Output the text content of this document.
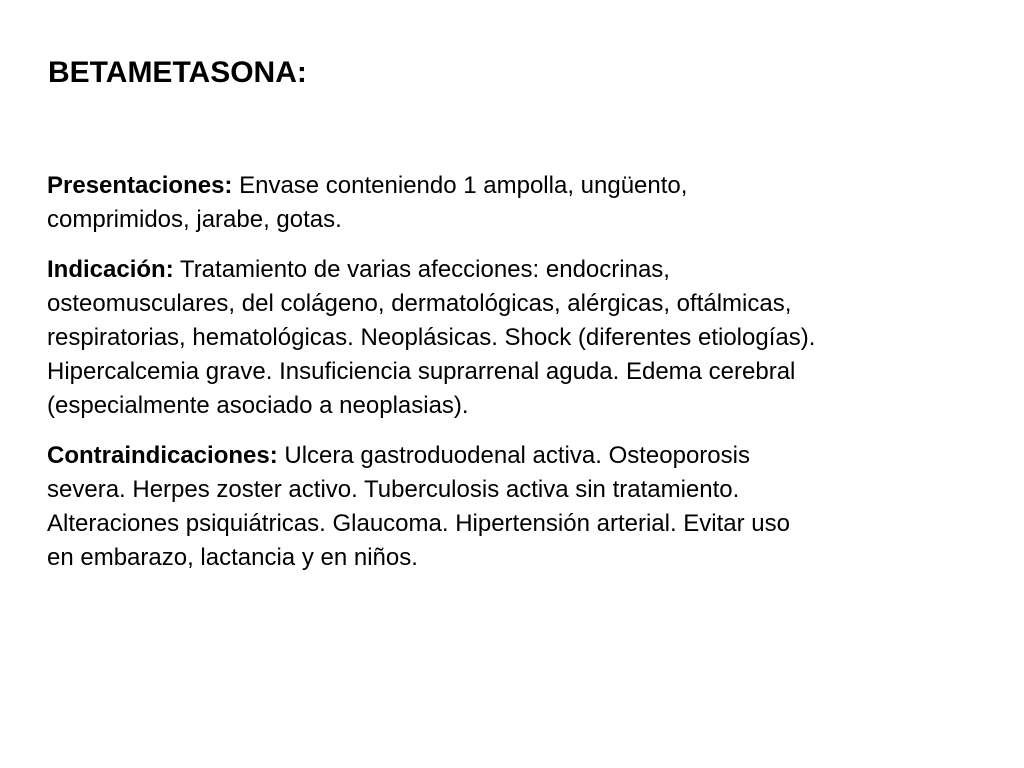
BETAMETASONA:

Presentaciones: Envase conteniendo 1 ampolla, ungüento,
comprimidos, jarabe, gotas.

Indicación: Tratamiento de varias afecciones: endocrinas,
osteomusculares, del colágeno, dermatológicas, alérgicas, oftálmicas,
respiratorias, hematológicas. Neoplásicas. Shock (diferentes etiologías).
Hipercalcemia grave. Insuficiencia suprarrenal aguda. Edema cerebral
(especialmente asociado a neoplasias).

Contraindicaciones: Ulcera gastroduodenal activa. Osteoporosis
severa. Herpes zoster activo. Tuberculosis activa sin tratamiento.
Alteraciones psiquiátricas. Glaucoma. Hipertensión arterial. Evitar uso
en embarazo, lactancia y en niños.
